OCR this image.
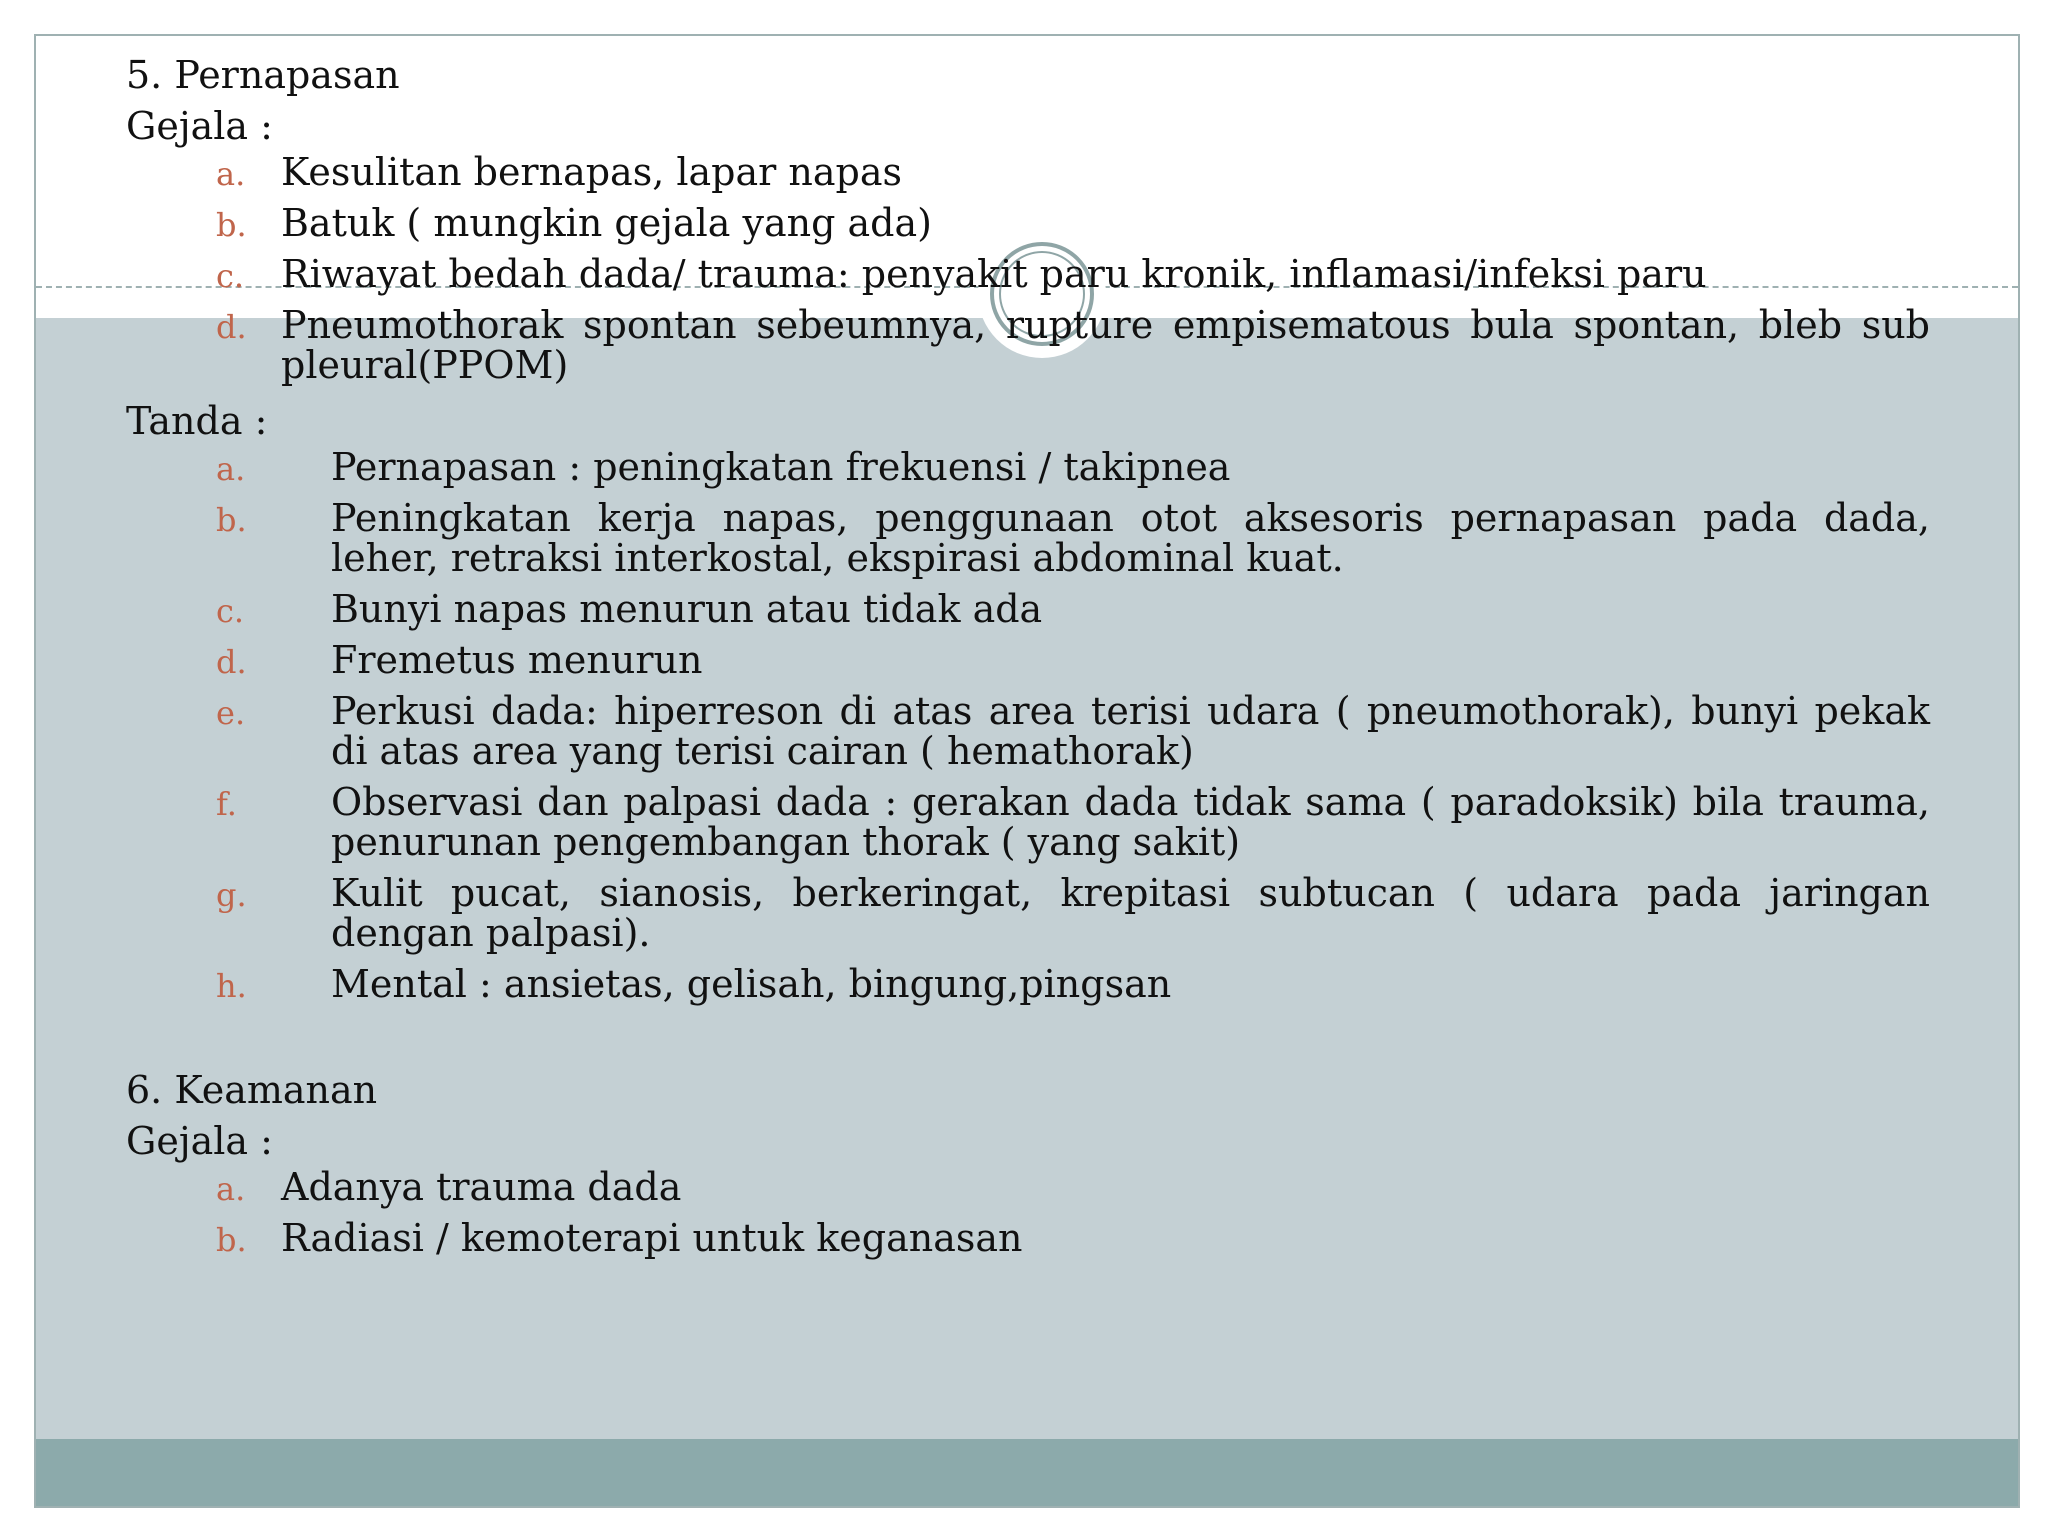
5. Pernapasan

Gejala :

a. Kesulitan bernapas, lapar napas
b. Batuk ( mungkin gejala yang ada)
c. Riwayat bedah dada/ trauma: penyakit paru kronik, inflamasi/infeksi paru
d. Pneumothorak spontan sebeumnya, rupture empisematous bula spontan, bleb sub pleural(PPOM)

Tanda :

a. Pernapasan : peningkatan frekuensi / takipnea
b. Peningkatan kerja napas, penggunaan otot aksesoris pernapasan pada dada, leher, retraksi interkostal, ekspirasi abdominal kuat.
c. Bunyi napas menurun atau tidak ada
d. Fremetus menurun
e. Perkusi dada: hiperreson di atas area terisi udara ( pneumothorak), bunyi pekak di atas area yang terisi cairan ( hemathorak)
f. Observasi dan palpasi dada : gerakan dada tidak sama ( paradoksik) bila trauma, penurunan pengembangan thorak ( yang sakit)
g. Kulit pucat, sianosis, berkeringat, krepitasi subtucan ( udara pada jaringan dengan palpasi).
h. Mental : ansietas, gelisah, bingung,pingsan

6. Keamanan

Gejala :

a. Adanya trauma dada
b. Radiasi / kemoterapi untuk keganasan
